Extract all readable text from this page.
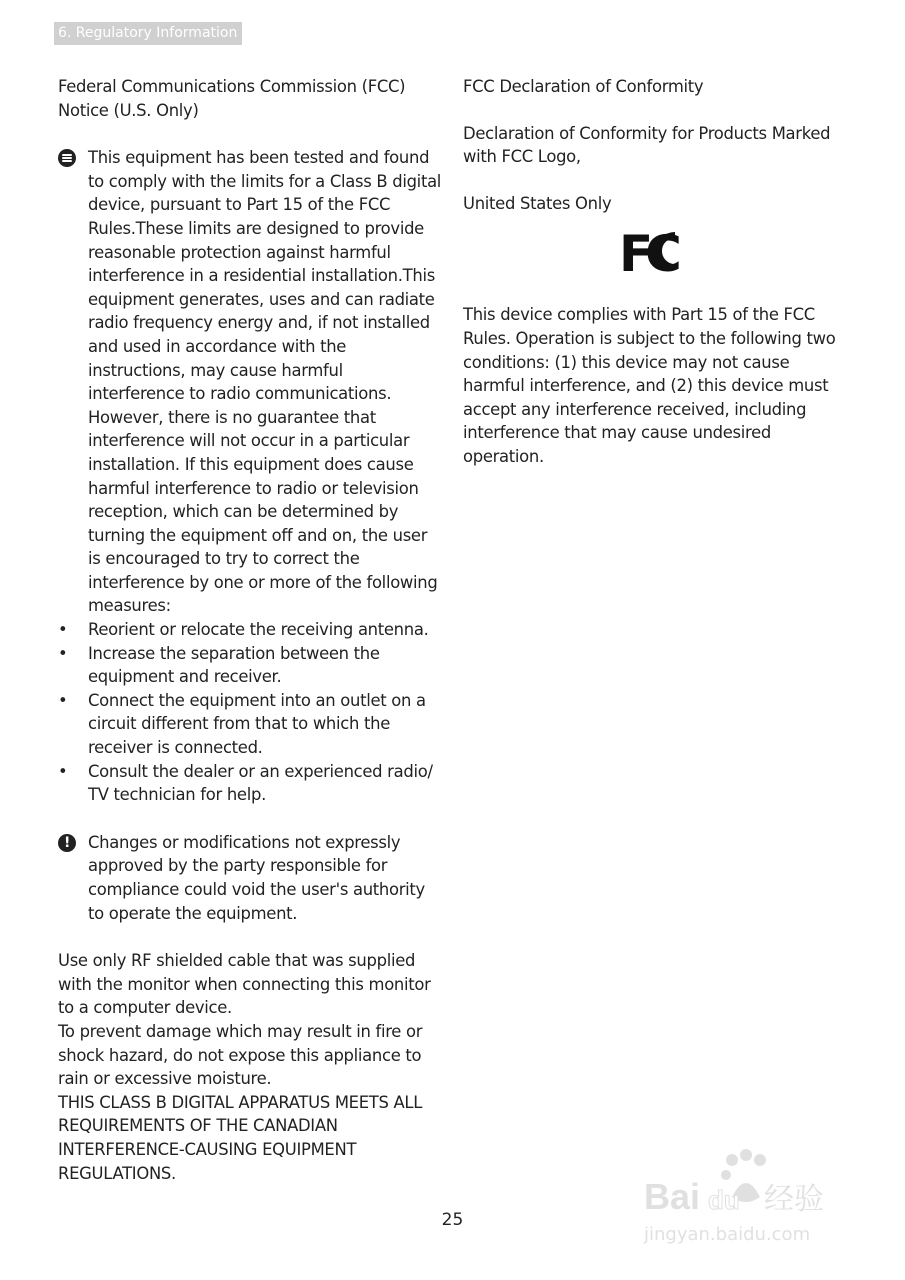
6. Regulatory Information
Federal Communications Commission (FCC) Notice (U.S. Only)

This equipment has been tested and found to comply with the limits for a Class B digital device, pursuant to Part 15 of the FCC Rules.These limits are designed to provide reasonable protection against harmful interference in a residential installation.This equipment generates, uses and can radiate radio frequency energy and, if not installed and used in accordance with the instructions, may cause harmful interference to radio communications. However, there is no guarantee that interference will not occur in a particular installation. If this equipment does cause harmful interference to radio or television reception, which can be determined by turning the equipment off and on, the user is encouraged to try to correct the interference by one or more of the following measures:

• Reorient or relocate the receiving antenna.
• Increase the separation between the equipment and receiver.
• Connect the equipment into an outlet on a circuit different from that to which the receiver is connected.
• Consult the dealer or an experienced radio/ TV technician for help.
!	Changes or modifications not expressly approved by the party responsible for compliance could void the user's authority to operate the equipment.

Use only RF shielded cable that was supplied with the monitor when connecting this monitor to a computer device.

To prevent damage which may result in fire or shock hazard, do not expose this appliance to rain or excessive moisture.

THIS CLASS B DIGITAL APPARATUS MEETS ALL REQUIREMENTS OF THE CANADIAN INTERFERENCE-CAUSING EQUIPMENT REGULATIONS.

FCC Declaration of Conformity

Declaration of Conformity for Products Marked with FCC Logo,

United States Only

FC

This device complies with Part 15 of the FCC Rules. Operation is subject to the following two conditions: (1) this device may not cause harmful interference, and (2) this device must accept any interference received, including interference that may cause undesired operation.

25
Bai du 经验
jingyan.baidu.com
